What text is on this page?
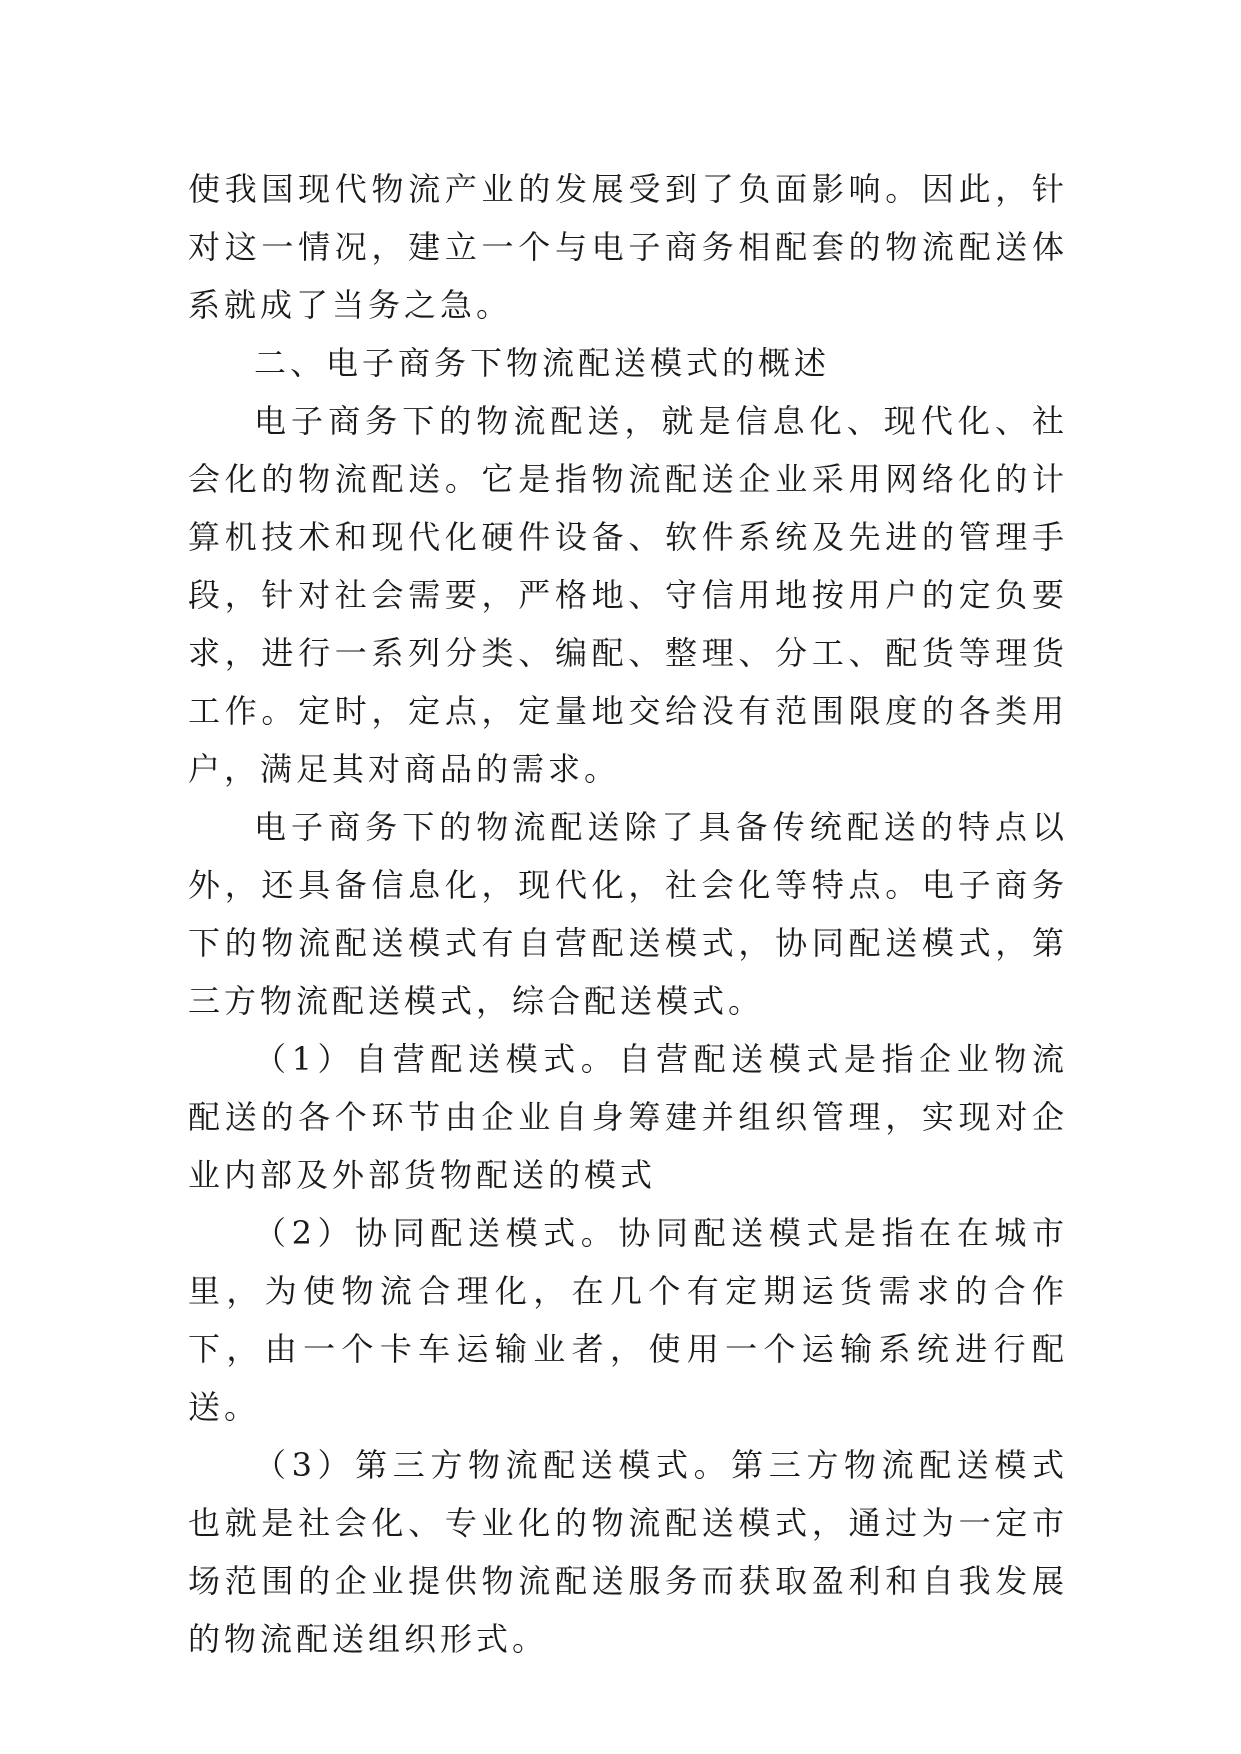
使我国现代物流产业的发展受到了负面影响。因此，针对这一情况，建立一个与电子商务相配套的物流配送体系就成了当务之急。

二、电子商务下物流配送模式的概述

电子商务下的物流配送，就是信息化、现代化、社会化的物流配送。它是指物流配送企业采用网络化的计算机技术和现代化硬件设备、软件系统及先进的管理手段，针对社会需要，严格地、守信用地按用户的定负要求，进行一系列分类、编配、整理、分工、配货等理货工作。定时，定点，定量地交给没有范围限度的各类用户，满足其对商品的需求。

电子商务下的物流配送除了具备传统配送的特点以外，还具备信息化，现代化，社会化等特点。电子商务下的物流配送模式有自营配送模式，协同配送模式，第三方物流配送模式，综合配送模式。

（1）自营配送模式。自营配送模式是指企业物流配送的各个环节由企业自身筹建并组织管理，实现对企业内部及外部货物配送的模式

（2）协同配送模式。协同配送模式是指在在城市里，为使物流合理化，在几个有定期运货需求的合作下，由一个卡车运输业者，使用一个运输系统进行配送。

（3）第三方物流配送模式。第三方物流配送模式也就是社会化、专业化的物流配送模式，通过为一定市场范围的企业提供物流配送服务而获取盈利和自我发展的物流配送组织形式。
